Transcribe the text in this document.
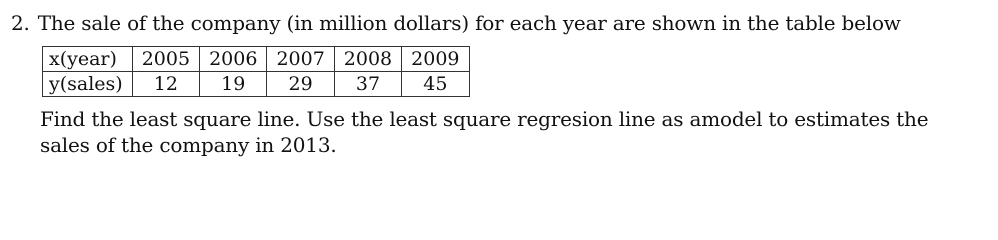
2. The sale of the company (in million dollars) for each year are shown in the table below
x(year)	2005	2006	2007	2008	2009
y(sales)	12	19	29	37	45
Find the least square line. Use the least square regresion line as amodel to estimates the sales of the company in 2013.
